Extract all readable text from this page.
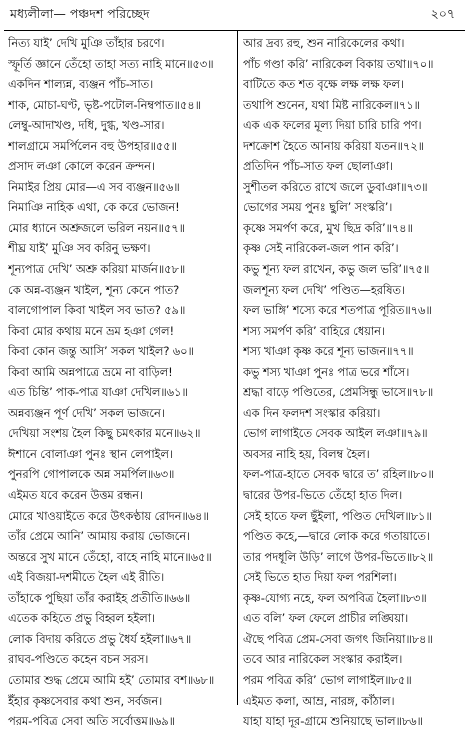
মধ্যলীলা— পঞ্চদশ পরিচ্ছেদ	২০৭
নিত্য যাই’ দেখি মুঞি তাঁহার চরণে।
স্ফূর্তি জ্ঞানে তেঁহো তাহা সত্য নাহি মানে॥৫৩॥
একদিন শাল্যন্ন, ব্যঞ্জন পাঁচ-সাত।
শাক, মোচা-ঘণ্ট, ভৃষ্ট-পটোল-নিম্বপাত॥৫৪॥
লেম্বু-আদাখণ্ড, দধি, দুগ্ধ, খণ্ড-সার।
শালগ্রামে সমর্পিলেন বহু উপহার॥৫৫॥
প্রসাদ লঞা কোলে করেন ক্রন্দন।
নিমাইর প্রিয় মোর—এ সব ব্যঞ্জন॥৫৬॥
নিমাঞি নাহিক এথা, কে করে ভোজন!
মোর ধ্যানে অশ্রুজলে ভরিল নয়ন॥৫৭॥
শীঘ্র যাই’ মুঞি সব করিনু ভক্ষণ।
শূন্যপাত্র দেখি’ অশ্রু করিয়া মার্জন॥৫৮॥
কে অন্ন-ব্যঞ্জন খাইল, শূন্য কেনে পাত?
বালগোপাল কিবা খাইল সব ভাত? ৫৯॥
কিবা মোর কথায় মনে ভ্রম হঞা গেল!
কিবা কোন জন্তু আসি’ সকল খাইল? ৬০॥
কিবা আমি অন্নপাত্রে ভ্রমে না বাড়িল!
এত চিন্তি’ পাক-পাত্র যাঞা দেখিল॥৬১॥
অন্নব্যঞ্জন পূর্ণ দেখি’ সকল ভাজনে।
দেখিয়া সংশয় হৈল কিছু চমৎকার মনে॥৬২॥
ঈশানে বোলাঞা পুনঃ স্থান লেপাইল।
পুনরপি গোপালকে অন্ন সমর্পিল॥৬৩॥
এইমত যবে করেন উত্তম রন্ধন।
মোরে খাওয়াইতে করে উৎকণ্ঠায় রোদন॥৬৪॥
তাঁর প্রেমে আনি’ আমায় করায় ভোজনে।
অন্তরে সুখ মানে তেঁহো, বাহে নাহি মানে॥৬৫॥
এই বিজয়া-দশমীতে হৈল এই রীতি।
তাঁহাকে পুছিয়া তাঁর করাইহ প্রতীতি॥৬৬॥
এতেক কহিতে প্রভু বিহ্বল হইলা।
লোক বিদায় করিতে প্রভু ধৈর্য হইলা॥৬৭॥
রাঘব-পণ্ডিতে কহেন বচন সরস।
তোমার শুদ্ধ প্রেমে আমি হই’ তোমার বশ॥৬৮॥
ইঁহার কৃষ্ণসেবার কথা শুন, সর্বজন।
পরম-পবিত্র সেবা অতি সর্বোত্তম॥৬৯॥
আর দ্রব্য রহু, শুন নারিকেলের কথা।
পাঁচ গণ্ডা করি’ নারিকেল বিকায় তথা॥৭০॥
বাটিতে কত শত বৃক্ষে লক্ষ লক্ষ ফল।
তথাপি শুনেন, যথা মিষ্ট নারিকেল॥৭১॥
এক এক ফলের মূল্য দিয়া চারি চারি পণ।
দশক্রোশ হৈতে আনায় করিয়া যতন॥৭২॥
প্রতিদিন পাঁচ-সাত ফল ছোলাঞা।
সুশীতল করিতে রাখে জলে ডুবাঞা॥৭৩॥
ভোগের সময় পুনঃ ছুলি’ সংস্করি’।
কৃষ্ণে সমর্পণ করে, মুখ ছিদ্র করি’॥৭৪॥
কৃষ্ণ সেই নারিকেল-জল পান করি’।
কভু শূন্য ফল রাখেন, কভু জল ভরি’॥৭৫॥
জলশূন্য ফল দেখি’ পণ্ডিত—হরষিত।
ফল ভাঙ্গি’ শস্যে করে শতপাত্র পূরিত॥৭৬॥
শস্য সমর্পণ করি’ বাহিরে ধেয়ান।
শস্য খাঞা কৃষ্ণ করে শূন্য ভাজন॥৭৭॥
কভু শস্য খাঞা পুনঃ পাত্র ভরে শাঁসে।
শ্রদ্ধা বাড়ে পণ্ডিতের, প্রেমসিন্ধু ভাসে॥৭৮॥
এক দিন ফলদশ সংস্কার করিয়া।
ভোগ লাগাইতে সেবক আইল লঞা॥৭৯॥
অবসর নাহি হয়, বিলম্ব হৈল।
ফল-পাত্র-হাতে সেবক দ্বারে ত’ রহিল॥৮০॥
দ্বারের উপর-ভিতে তেঁহো হাত দিল।
সেই হাতে ফল ছুঁইলা, পণ্ডিত দেখিল॥৮১॥
পণ্ডিত কহে,—দ্বারে লোক করে গতায়াতে।
তার পদধূলি উড়ি’ লাগে উপর-ভিতে॥৮২॥
সেই ভিতে হাত দিয়া ফল পরশিলা।
কৃষ্ণ-যোগ্য নহে, ফল অপবিত্র হৈলা॥৮৩॥
এত বলি’ ফল ফেলে প্রাচীর লঙ্ঘিয়া।
ঐছে পবিত্র প্রেম-সেবা জগৎ জিনিয়া॥৮৪॥
তবে আর নারিকেল সংস্কার করাইল।
পরম পবিত্র করি’ ভোগ লাগাইল॥৮৫॥
এইমত কলা, আম্র, নারঙ্গ, কাঁঠাল।
যাহা যাহা দূর-গ্রামে শুনিয়াছে ভাল॥৮৬॥
